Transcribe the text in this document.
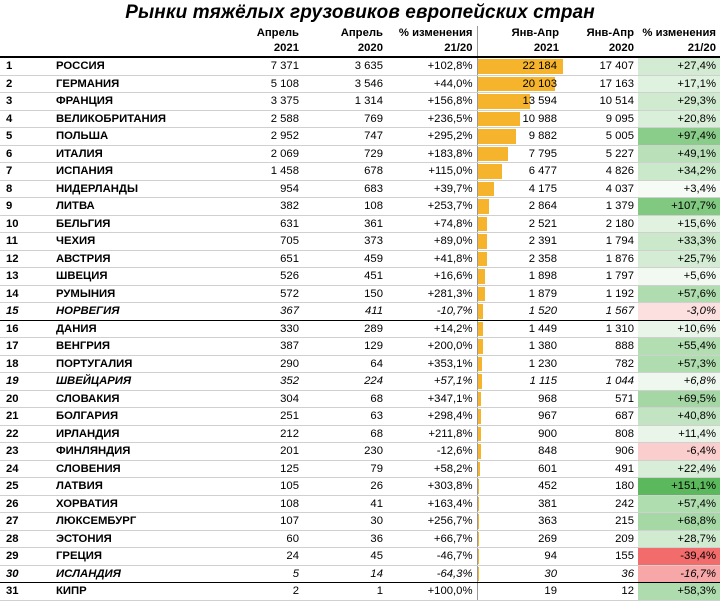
Рынки тяжёлых грузовиков европейских стран
		Апрель	Апрель	% изменения	Янв-Апр	Янв-Апр	% изменения
		2021	2020	21/20	2021	2020	21/20
1	РОССИЯ	7 371	3 635	+102,8%	22 184	17 407	+27,4%
2	ГЕРМАНИЯ	5 108	3 546	+44,0%	20 103	17 163	+17,1%
3	ФРАНЦИЯ	3 375	1 314	+156,8%	13 594	10 514	+29,3%
4	ВЕЛИКОБРИТАНИЯ	2 588	769	+236,5%	10 988	9 095	+20,8%
5	ПОЛЬША	2 952	747	+295,2%	9 882	5 005	+97,4%
6	ИТАЛИЯ	2 069	729	+183,8%	7 795	5 227	+49,1%
7	ИСПАНИЯ	1 458	678	+115,0%	6 477	4 826	+34,2%
8	НИДЕРЛАНДЫ	954	683	+39,7%	4 175	4 037	+3,4%
9	ЛИТВА	382	108	+253,7%	2 864	1 379	+107,7%
10	БЕЛЬГИЯ	631	361	+74,8%	2 521	2 180	+15,6%
11	ЧЕХИЯ	705	373	+89,0%	2 391	1 794	+33,3%
12	АВСТРИЯ	651	459	+41,8%	2 358	1 876	+25,7%
13	ШВЕЦИЯ	526	451	+16,6%	1 898	1 797	+5,6%
14	РУМЫНИЯ	572	150	+281,3%	1 879	1 192	+57,6%
15	НОРВЕГИЯ	367	411	-10,7%	1 520	1 567	-3,0%
16	ДАНИЯ	330	289	+14,2%	1 449	1 310	+10,6%
17	ВЕНГРИЯ	387	129	+200,0%	1 380	888	+55,4%
18	ПОРТУГАЛИЯ	290	64	+353,1%	1 230	782	+57,3%
19	ШВЕЙЦАРИЯ	352	224	+57,1%	1 115	1 044	+6,8%
20	СЛОВАКИЯ	304	68	+347,1%	968	571	+69,5%
21	БОЛГАРИЯ	251	63	+298,4%	967	687	+40,8%
22	ИРЛАНДИЯ	212	68	+211,8%	900	808	+11,4%
23	ФИНЛЯНДИЯ	201	230	-12,6%	848	906	-6,4%
24	СЛОВЕНИЯ	125	79	+58,2%	601	491	+22,4%
25	ЛАТВИЯ	105	26	+303,8%	452	180	+151,1%
26	ХОРВАТИЯ	108	41	+163,4%	381	242	+57,4%
27	ЛЮКСЕМБУРГ	107	30	+256,7%	363	215	+68,8%
28	ЭСТОНИЯ	60	36	+66,7%	269	209	+28,7%
29	ГРЕЦИЯ	24	45	-46,7%	94	155	-39,4%
30	ИСЛАНДИЯ	5	14	-64,3%	30	36	-16,7%
31	КИПР	2	1	+100,0%	19	12	+58,3%
